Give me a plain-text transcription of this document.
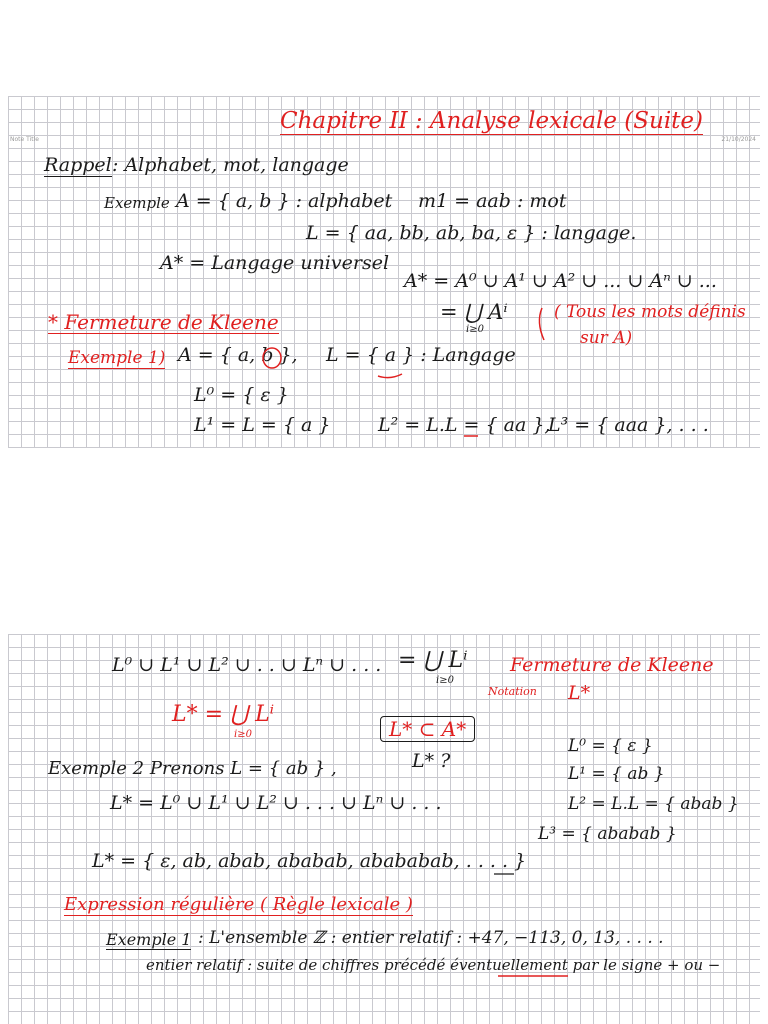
Note Title	21/10/2024
Chapitre II : Analyse lexicale (Suite)
Rappel : Alphabet, mot, langage
Exemple A = { a, b } : alphabet m1 = aab : mot
L = { aa, bb, ab, ba, ε } : langage.
A* = Langage universel
A* = A⁰ ∪ A¹ ∪ A² ∪ ... ∪ Aⁿ ∪ ...
= ⋃ Aⁱ
i≥0
( Tous les mots définis
sur A)
* Fermeture de Kleene
Exemple 1) A = { a, b }, L = { a } : Langage
L⁰ = { ε }
L¹ = L = { a }	L² = L.L = { aa },
L³ = { aaa }, . . .
L⁰ ∪ L¹ ∪ L² ∪ . . ∪ Lⁿ ∪ . . . = ⋃ Lⁱ
i≥0
Fermeture de Kleene
Notation L*
L* = ⋃ Lⁱ
i≥0	L* ⊂ A*
L* ?
Exemple 2 Prenons L = { ab } ,
L⁰ = { ε }
L¹ = { ab }
L² = L.L = { abab }
L³ = { ababab }
L* = L⁰ ∪ L¹ ∪ L² ∪ . . . ∪ Lⁿ ∪ . . .
L* = { ε, ab, abab, ababab, abababab, . . . . }
Expression régulière ( Règle lexicale )
Exemple 1 : L'ensemble ℤ : entier relatif : +47, −113, 0, 13, . . . .
entier relatif : suite de chiffres précédé éventuellement par le signe + ou −
